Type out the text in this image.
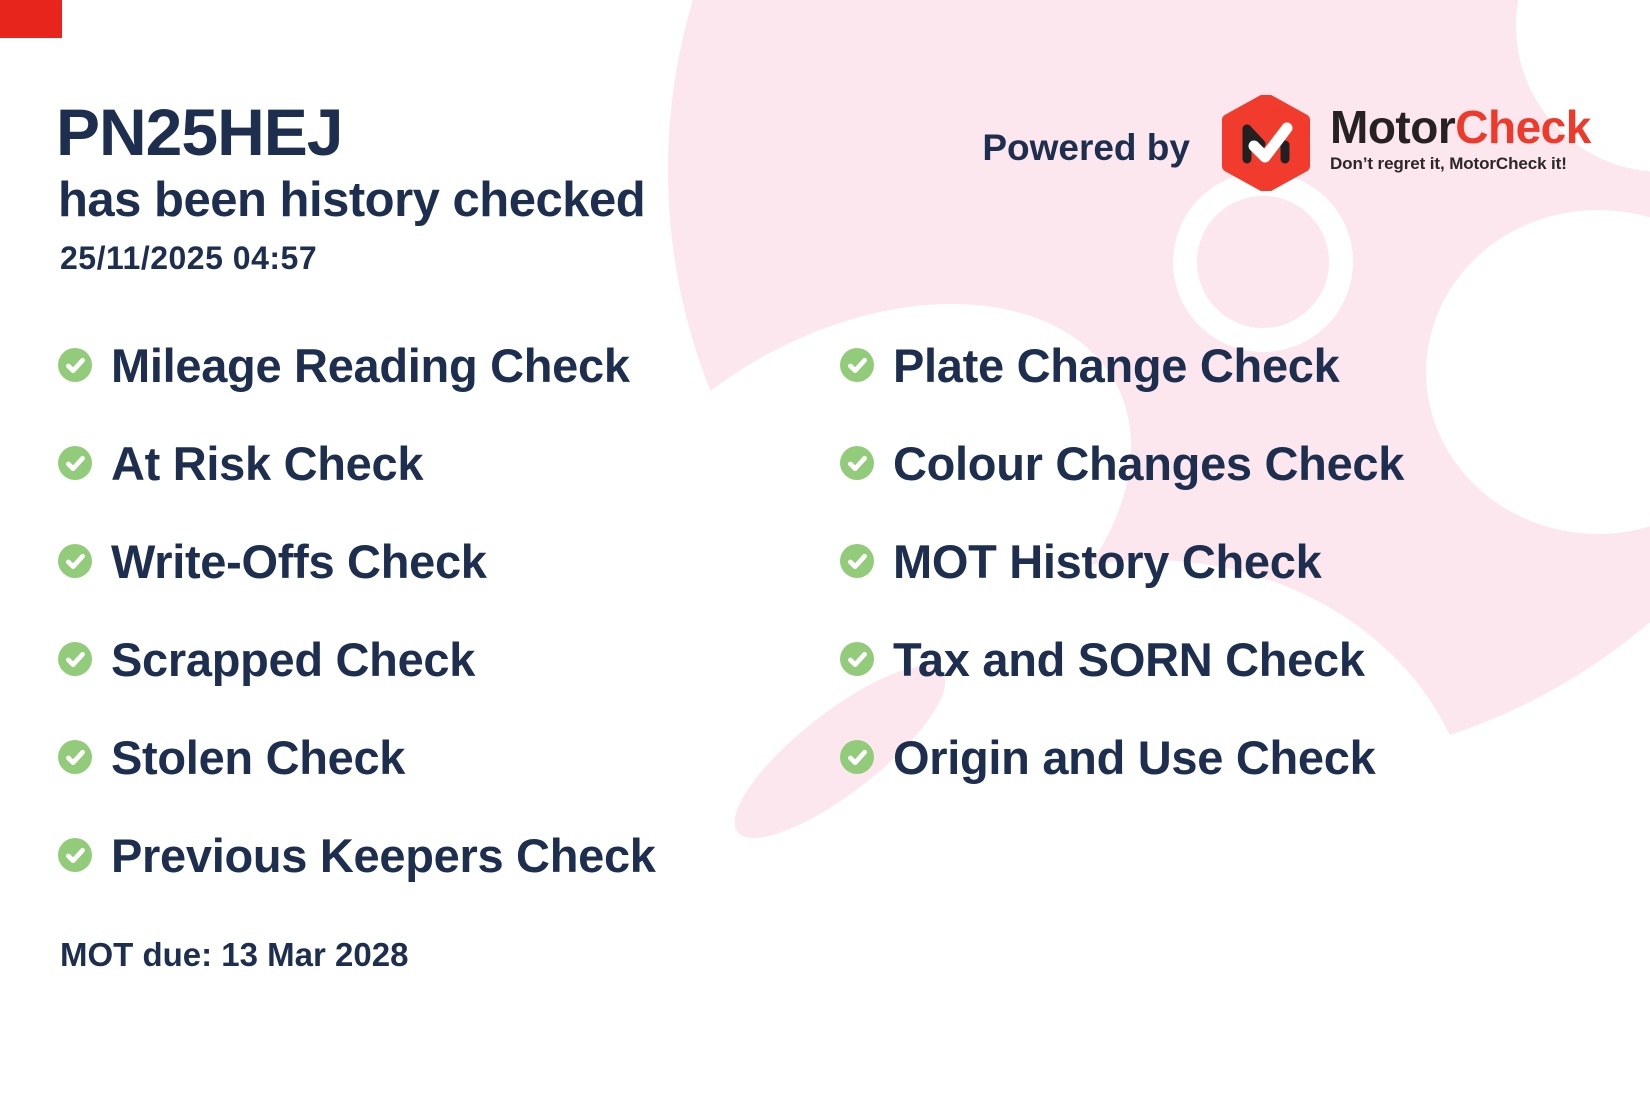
PN25HEJ
has been history checked
25/11/2025 04:57
Powered by	MotorCheck
Don’t regret it, MotorCheck it!
Mileage Reading Check
At Risk Check
Write-Offs Check
Scrapped Check
Stolen Check
Previous Keepers Check
Plate Change Check
Colour Changes Check
MOT History Check
Tax and SORN Check
Origin and Use Check
MOT due: 13 Mar 2028
